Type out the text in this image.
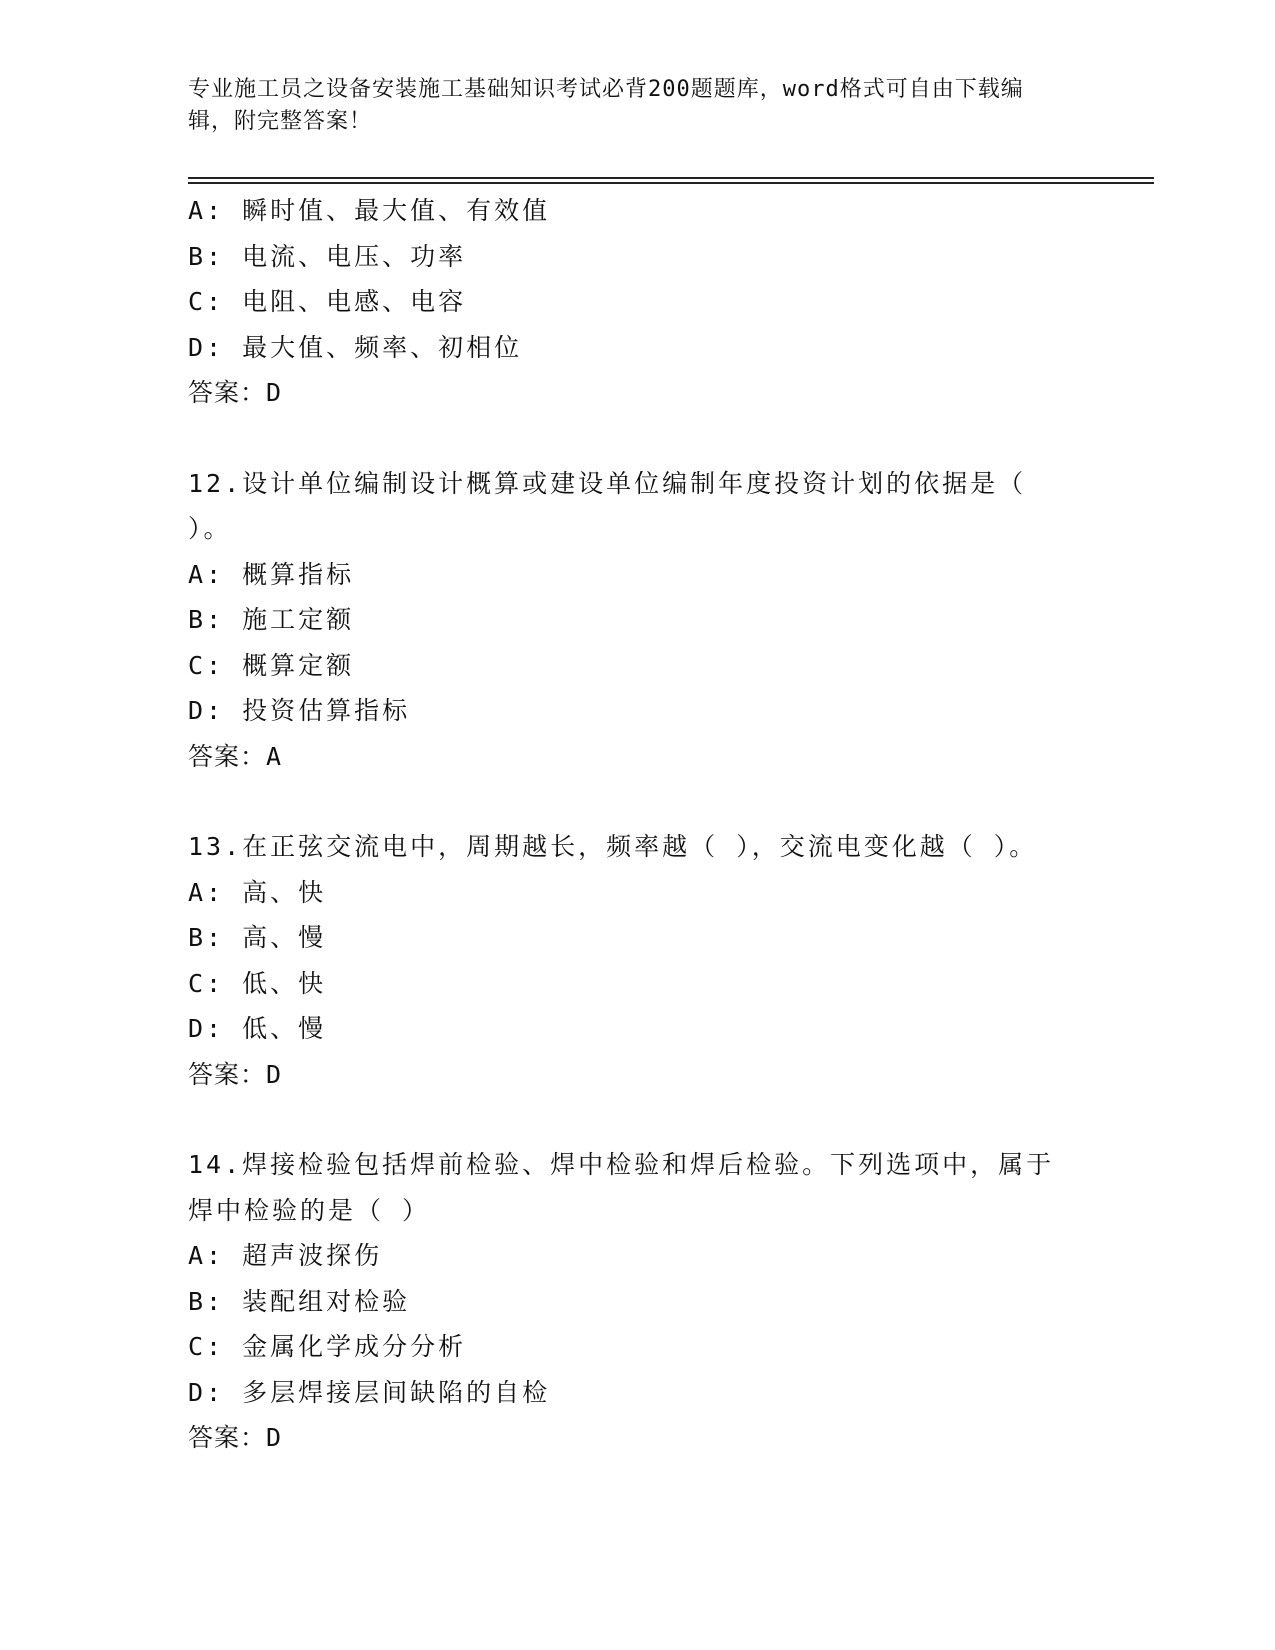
专业施工员之设备安装施工基础知识考试必背200题题库，word格式可自由下载编辑，附完整答案！
A: 瞬时值、最大值、有效值
B: 电流、电压、功率
C: 电阻、电感、电容
D: 最大值、频率、初相位
答案：D
12.设计单位编制设计概算或建设单位编制年度投资计划的依据是（ ）。
A: 概算指标
B: 施工定额
C: 概算定额
D: 投资估算指标
答案：A
13.在正弦交流电中，周期越长，频率越（ ），交流电变化越（ ）。
A: 高、快
B: 高、慢
C: 低、快
D: 低、慢
答案：D
14.焊接检验包括焊前检验、焊中检验和焊后检验。下列选项中，属于焊中检验的是（ ）
A: 超声波探伤
B: 装配组对检验
C: 金属化学成分分析
D: 多层焊接层间缺陷的自检
答案：D
